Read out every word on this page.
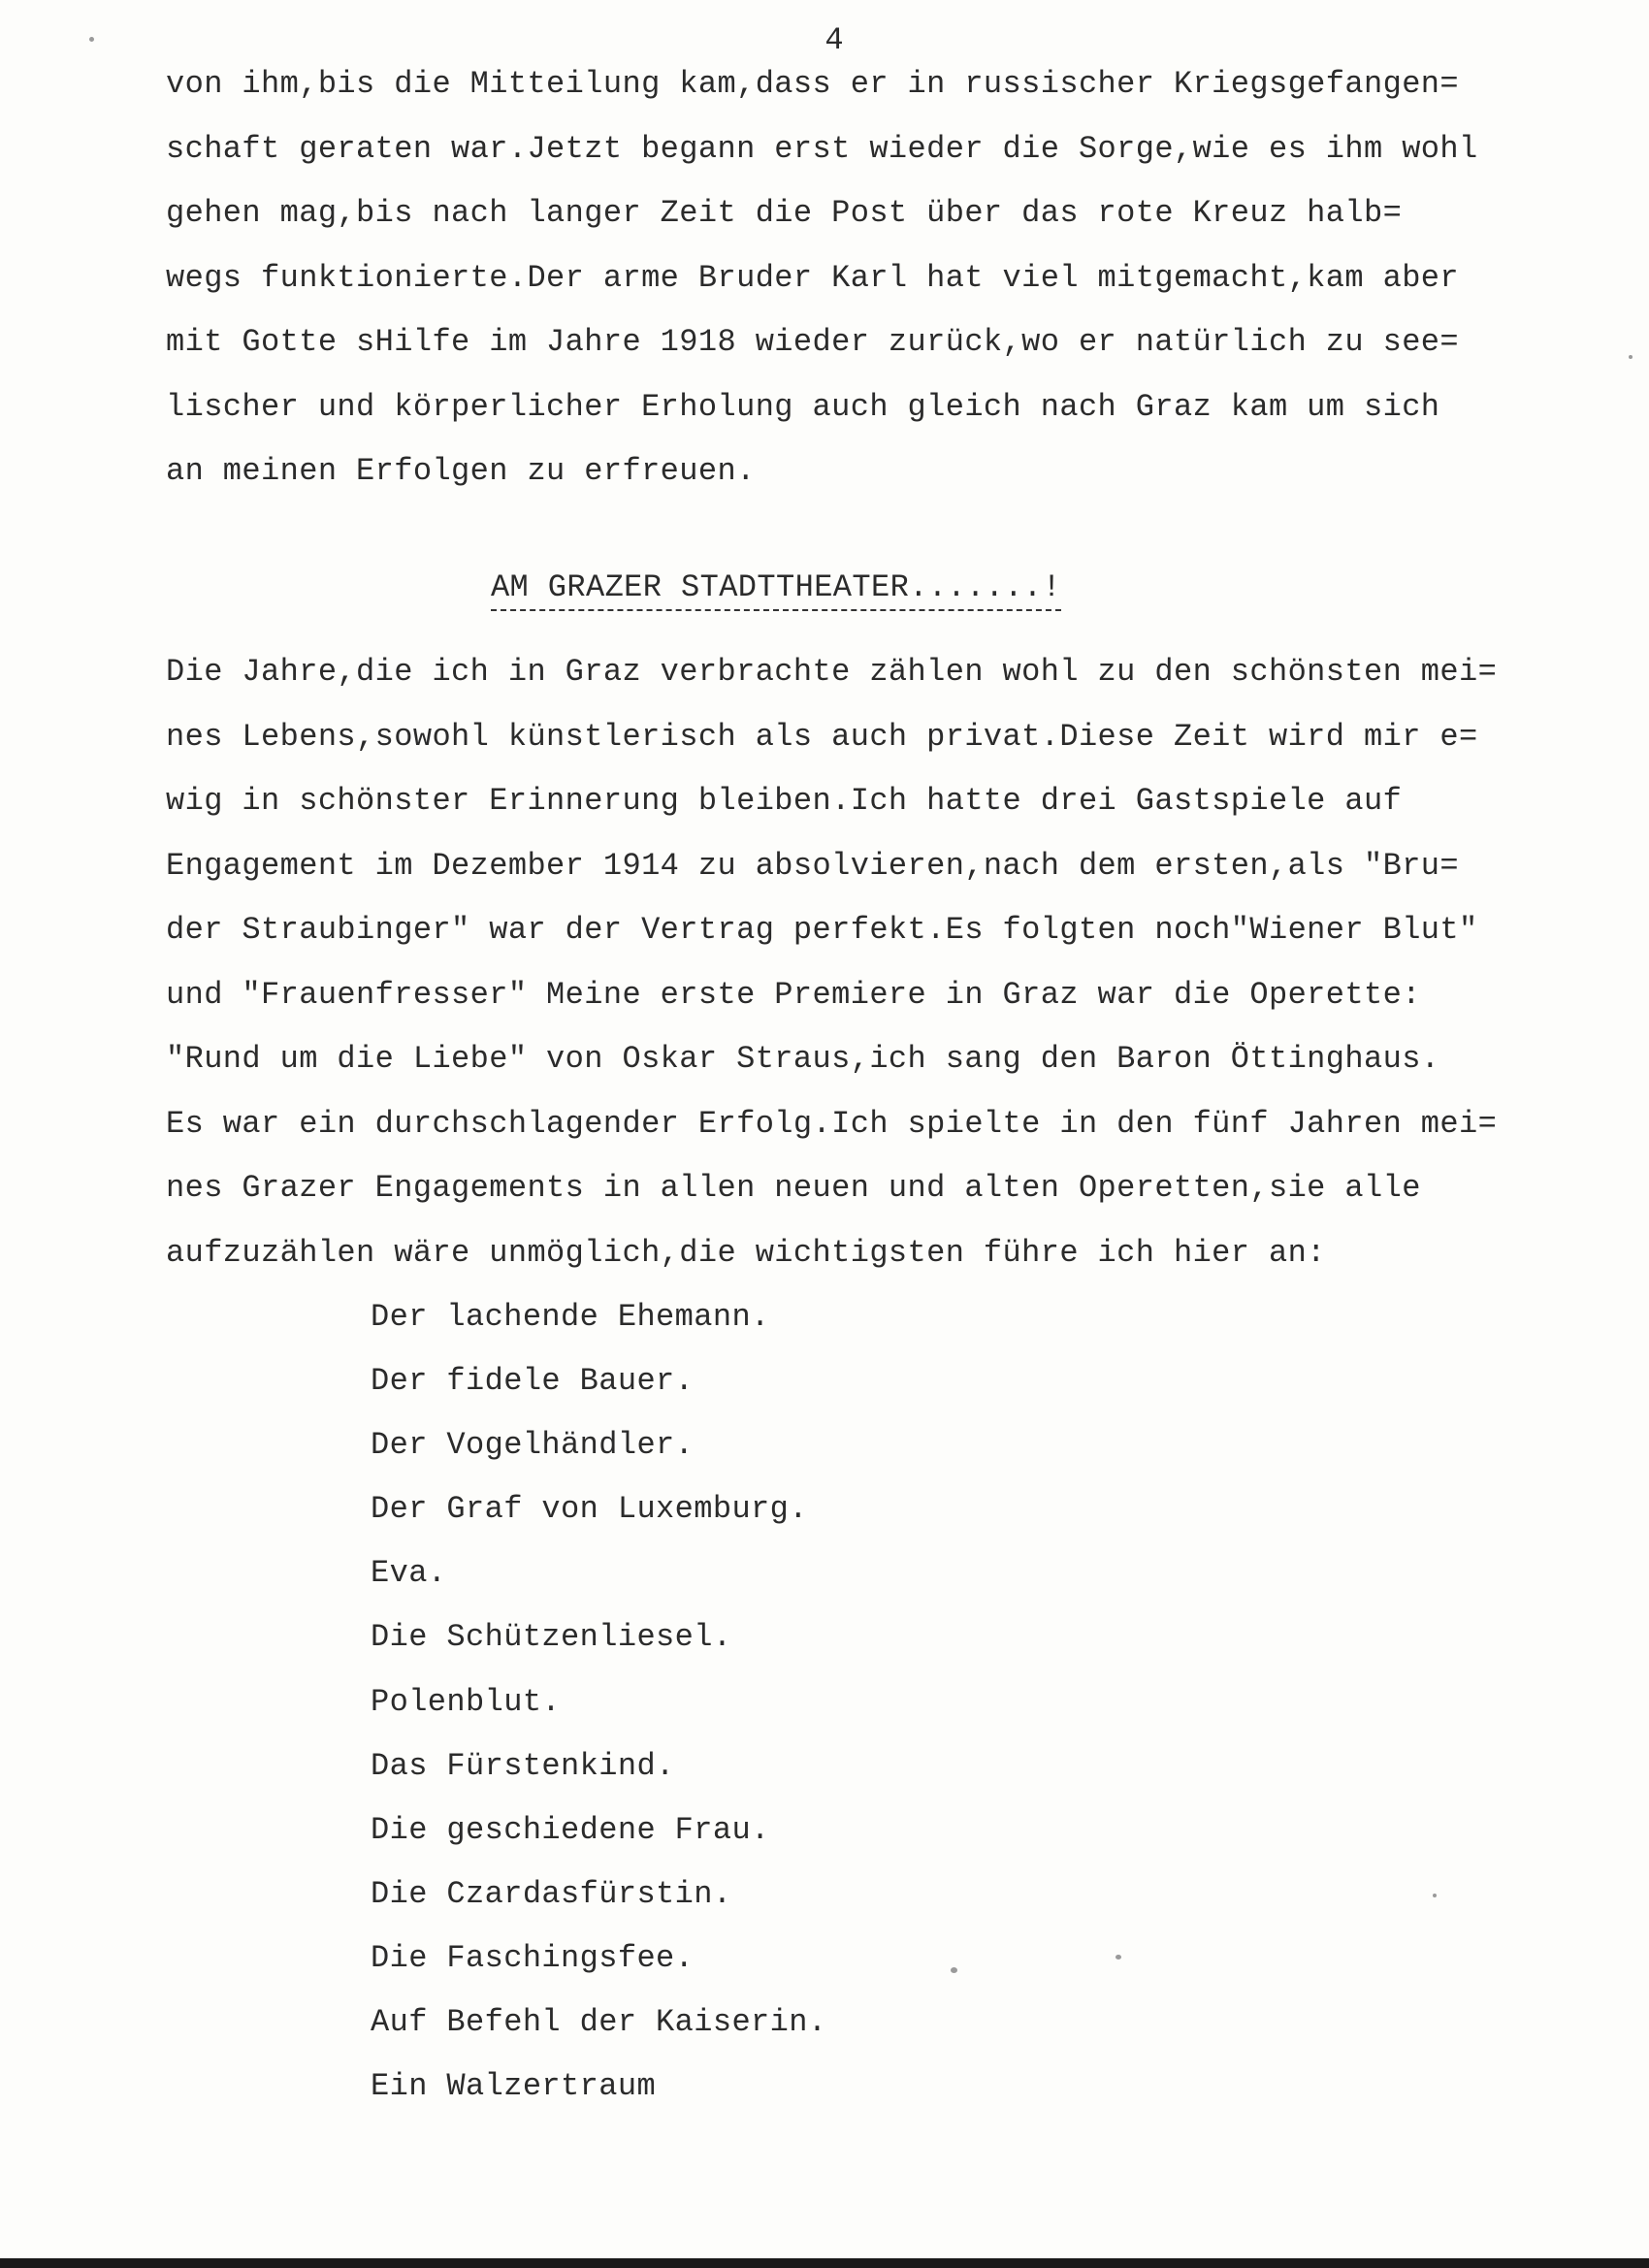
4
von ihm,bis die Mitteilung kam,dass er in russischer Kriegsgefangen=
schaft geraten war.Jetzt begann erst wieder die Sorge,wie es ihm wohl
gehen mag,bis nach langer Zeit die Post über das rote Kreuz halb=
wegs funktionierte.Der arme Bruder Karl hat viel mitgemacht,kam aber
mit Gotte sHilfe im Jahre 1918 wieder zurück,wo er natürlich zu see=
lischer und körperlicher Erholung auch gleich nach Graz kam um sich
an meinen Erfolgen zu erfreuen.
AM GRAZER STADTTHEATER.......!
Die Jahre,die ich in Graz verbrachte zählen wohl zu den schönsten mei=
nes Lebens,sowohl künstlerisch als auch privat.Diese Zeit wird mir e=
wig in schönster Erinnerung bleiben.Ich hatte drei Gastspiele auf
Engagement im Dezember 1914 zu absolvieren,nach dem ersten,als "Bru=
der Straubinger" war der Vertrag perfekt.Es folgten noch"Wiener Blut"
und "Frauenfresser" Meine erste Premiere in Graz war die Operette:
"Rund um die Liebe" von Oskar Straus,ich sang den Baron Öttinghaus.
Es war ein durchschlagender Erfolg.Ich spielte in den fünf Jahren mei=
nes Grazer Engagements in allen neuen und alten Operetten,sie alle
aufzuzählen wäre unmöglich,die wichtigsten führe ich hier an:
Der lachende Ehemann.
Der fidele Bauer.
Der Vogelhändler.
Der Graf von Luxemburg.
Eva.
Die Schützenliesel.
Polenblut.
Das Fürstenkind.
Die geschiedene Frau.
Die Czardasfürstin.
Die Faschingsfee.
Auf Befehl der Kaiserin.
Ein Walzertraum
